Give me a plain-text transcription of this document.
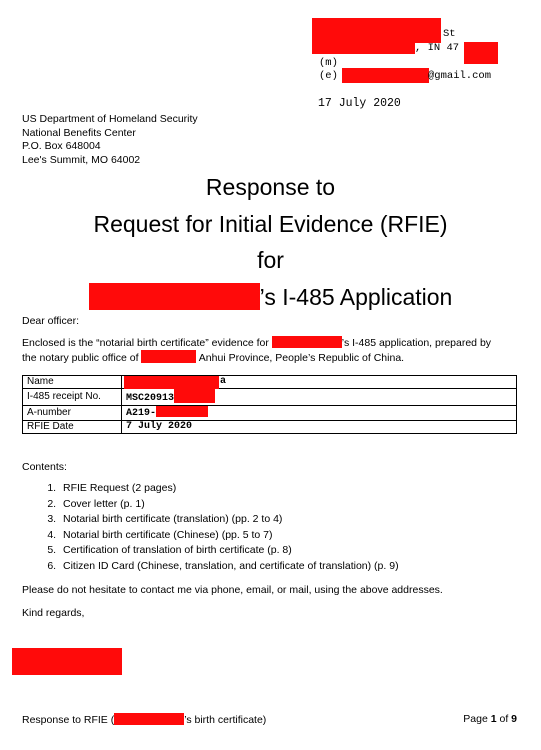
St
, IN 47
(m)
(e)	@gmail.com
17 July 2020
US Department of Homeland Security
National Benefits Center
P.O. Box 648004
Lee's Summit, MO 64002
Response to
Request for Initial Evidence (RFIE)
for
’s I-485 Application
Dear officer:
Enclosed is the “notarial birth certificate” evidence for	’s I-485 application, prepared by
the notary public office of	Anhui Province, People’s Republic of China.
Name	a
I-485 receipt No.	MSC20913
A-number	A219-
RFIE Date	7 July 2020
Contents:
1. RFIE Request (2 pages)
2. Cover letter (p. 1)
3. Notarial birth certificate (translation) (pp. 2 to 4)
4. Notarial birth certificate (Chinese) (pp. 5 to 7)
5. Certification of translation of birth certificate (p. 8)
6. Citizen ID Card (Chinese, translation, and certificate of translation) (p. 9)
Please do not hesitate to contact me via phone, email, or mail, using the above addresses.
Kind regards,
Response to RFIE (	’s birth certificate)	Page 1 of 9
